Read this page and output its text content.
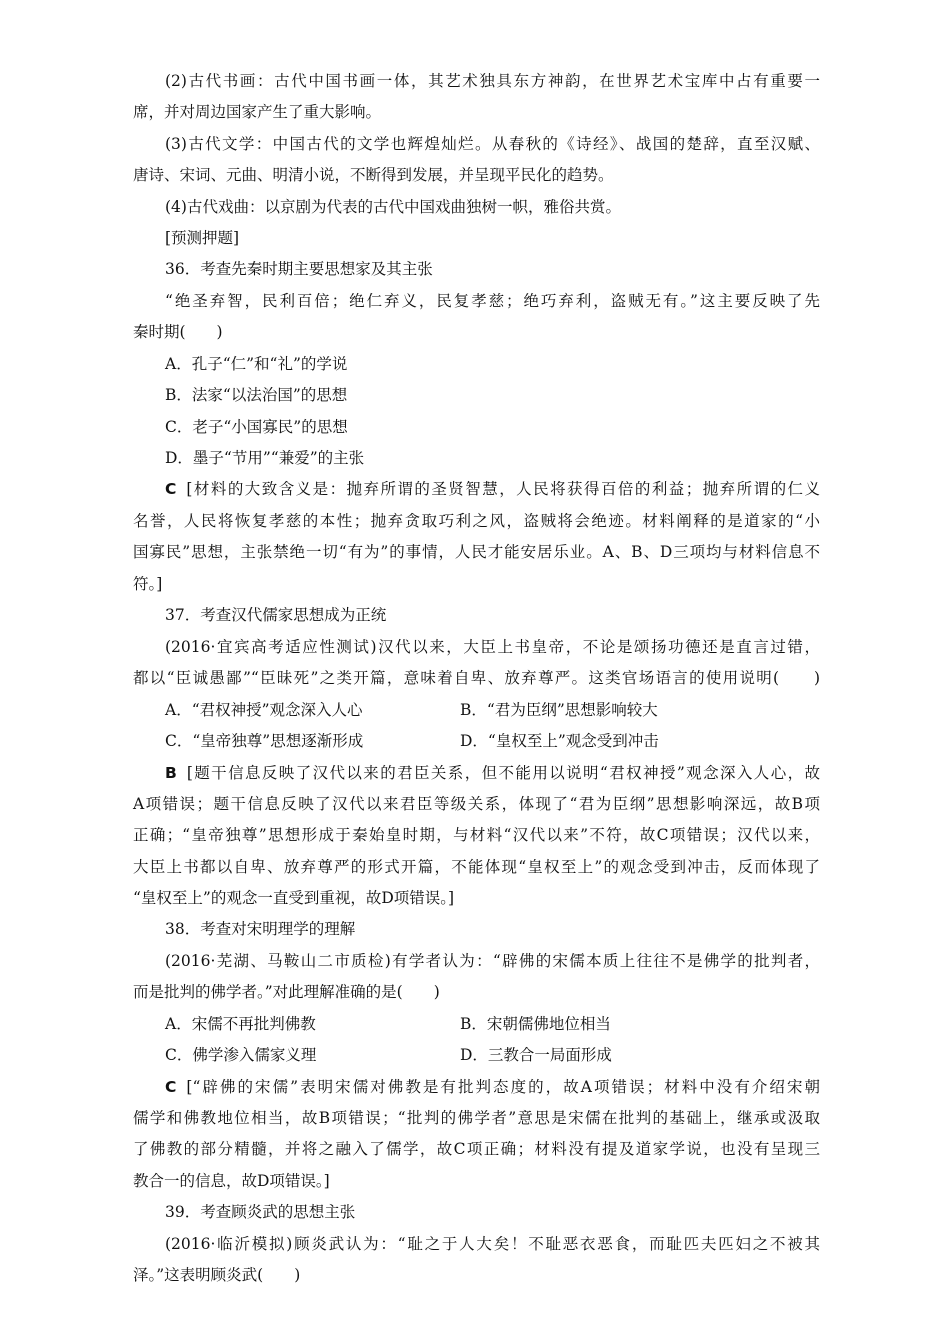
(2)古代书画：古代中国书画一体，其艺术独具东方神韵，在世界艺术宝库中占有重要一
席，并对周边国家产生了重大影响。
(3)古代文学：中国古代的文学也辉煌灿烂。从春秋的《诗经》、战国的楚辞，直至汉赋、
唐诗、宋词、元曲、明清小说，不断得到发展，并呈现平民化的趋势。
(4)古代戏曲：以京剧为代表的古代中国戏曲独树一帜，雅俗共赏。
[预测押题]
36．考查先秦时期主要思想家及其主张
“绝圣弃智，民利百倍；绝仁弃义，民复孝慈；绝巧弃利，盗贼无有。”这主要反映了先
秦时期(　　)
A．孔子“仁”和“礼”的学说
B．法家“以法治国”的思想
C．老子“小国寡民”的思想
D．墨子“节用”“兼爱”的主张
C [材料的大致含义是：抛弃所谓的圣贤智慧，人民将获得百倍的利益；抛弃所谓的仁义
名誉，人民将恢复孝慈的本性；抛弃贪取巧利之风，盗贼将会绝迹。材料阐释的是道家的“小
国寡民”思想，主张禁绝一切“有为”的事情，人民才能安居乐业。A、B、D三项均与材料信息不
符。]
37．考查汉代儒家思想成为正统
(2016·宜宾高考适应性测试)汉代以来，大臣上书皇帝，不论是颂扬功德还是直言过错，
都以“臣诚愚鄙”“臣昧死”之类开篇，意味着自卑、放弃尊严。这类官场语言的使用说明(　　)
A．“君权神授”观念深入人心	B．“君为臣纲”思想影响较大
C．“皇帝独尊”思想逐渐形成	D．“皇权至上”观念受到冲击
B [题干信息反映了汉代以来的君臣关系，但不能用以说明“君权神授”观念深入人心，故
A项错误；题干信息反映了汉代以来君臣等级关系，体现了“君为臣纲”思想影响深远，故B项
正确；“皇帝独尊”思想形成于秦始皇时期，与材料“汉代以来”不符，故C项错误；汉代以来，
大臣上书都以自卑、放弃尊严的形式开篇，不能体现“皇权至上”的观念受到冲击，反而体现了
“皇权至上”的观念一直受到重视，故D项错误。]
38．考查对宋明理学的理解
(2016·芜湖、马鞍山二市质检)有学者认为：“辟佛的宋儒本质上往往不是佛学的批判者，
而是批判的佛学者。”对此理解准确的是(　　)
A．宋儒不再批判佛教	B．宋朝儒佛地位相当
C．佛学渗入儒家义理	D．三教合一局面形成
C [“辟佛的宋儒”表明宋儒对佛教是有批判态度的，故A项错误；材料中没有介绍宋朝
儒学和佛教地位相当，故B项错误；“批判的佛学者”意思是宋儒在批判的基础上，继承或汲取
了佛教的部分精髓，并将之融入了儒学，故C项正确；材料没有提及道家学说，也没有呈现三
教合一的信息，故D项错误。]
39．考查顾炎武的思想主张
(2016·临沂模拟)顾炎武认为：“耻之于人大矣！不耻恶衣恶食，而耻匹夫匹妇之不被其
泽。”这表明顾炎武(　　)
